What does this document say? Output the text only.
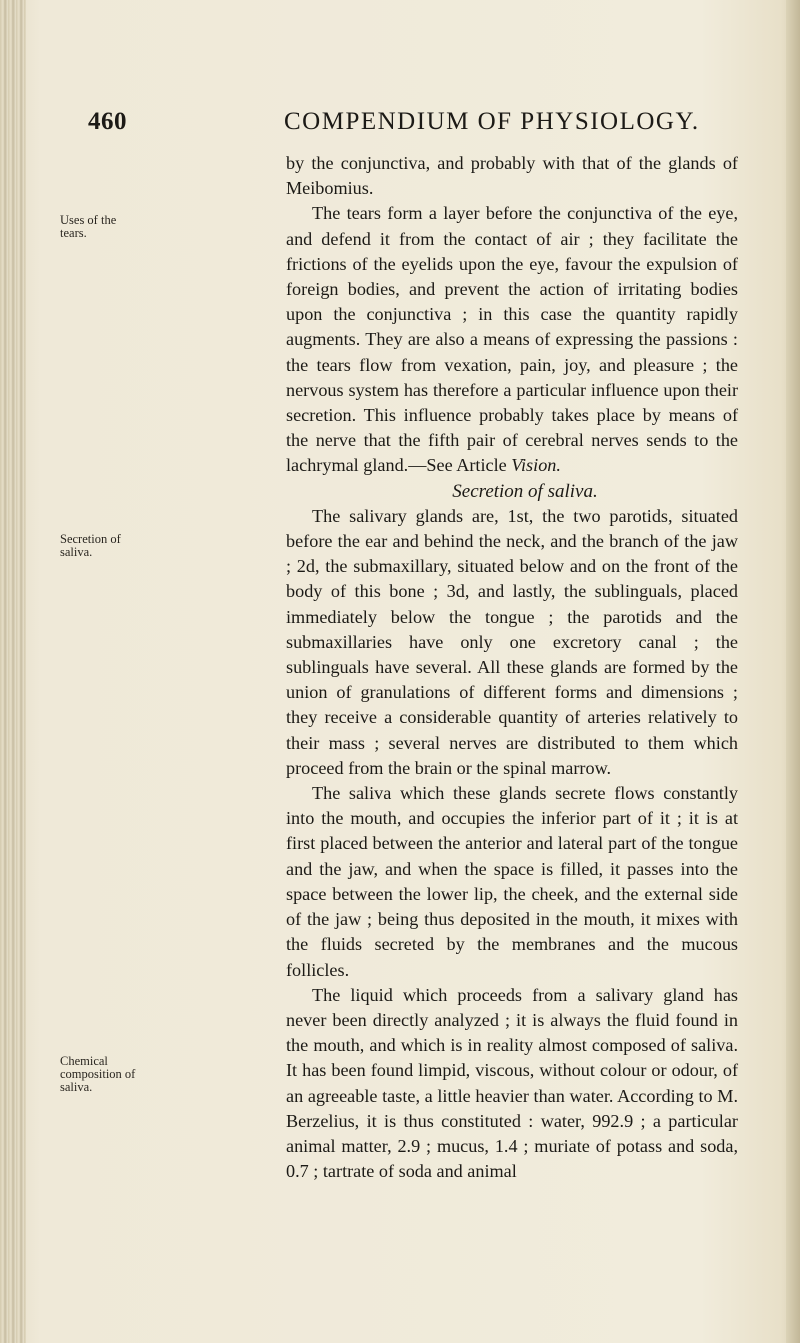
460	COMPENDIUM OF PHYSIOLOGY.
Uses of the tears.
Secretion of saliva.
Chemical composition of saliva.

by the conjunctiva, and probably with that of the glands of Meibomius.

The tears form a layer before the conjunctiva of the eye, and defend it from the contact of air ; they facilitate the frictions of the eyelids upon the eye, favour the expulsion of foreign bodies, and prevent the action of irritating bodies upon the conjunctiva ; in this case the quantity rapidly augments. They are also a means of expressing the passions : the tears flow from vexation, pain, joy, and pleasure ; the nervous system has therefore a particular influence upon their secretion. This influence probably takes place by means of the nerve that the fifth pair of cerebral nerves sends to the lachrymal gland.—See Article Vision.

Secretion of saliva.

The salivary glands are, 1st, the two parotids, situated before the ear and behind the neck, and the branch of the jaw ; 2d, the submaxillary, situated below and on the front of the body of this bone ; 3d, and lastly, the sublinguals, placed immediately below the tongue ; the parotids and the submaxillaries have only one excretory canal ; the sublinguals have several. All these glands are formed by the union of granulations of different forms and dimensions ; they receive a considerable quantity of arteries relatively to their mass ; several nerves are distributed to them which proceed from the brain or the spinal marrow.

The saliva which these glands secrete flows constantly into the mouth, and occupies the inferior part of it ; it is at first placed between the anterior and lateral part of the tongue and the jaw, and when the space is filled, it passes into the space between the lower lip, the cheek, and the external side of the jaw ; being thus deposited in the mouth, it mixes with the fluids secreted by the membranes and the mucous follicles.

The liquid which proceeds from a salivary gland has never been directly analyzed ; it is always the fluid found in the mouth, and which is in reality almost composed of saliva. It has been found limpid, viscous, without colour or odour, of an agreeable taste, a little heavier than water. According to M. Berzelius, it is thus constituted : water, 992.9 ; a particular animal matter, 2.9 ; mucus, 1.4 ; muriate of potass and soda, 0.7 ; tartrate of soda and animal
